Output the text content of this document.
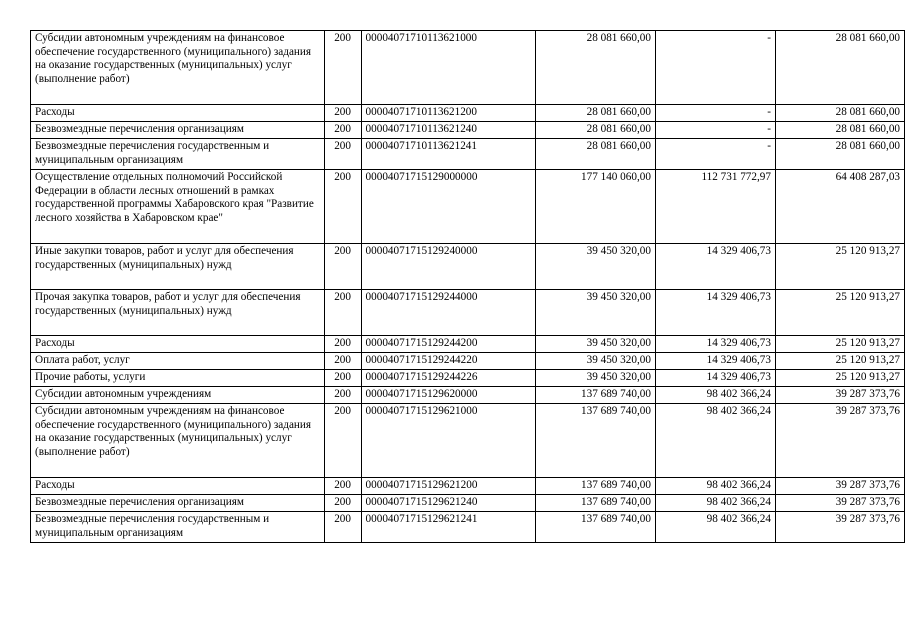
Субсидии автономным учреждениям на финансовое обеспечение государственного (муниципального) задания на оказание государственных (муниципальных) услуг (выполнение работ)	200	00004071710113621000	28 081 660,00	-	28 081 660,00
Расходы	200	00004071710113621200	28 081 660,00	-	28 081 660,00
Безвозмездные перечисления организациям	200	00004071710113621240	28 081 660,00	-	28 081 660,00
Безвозмездные перечисления государственным и муниципальным организациям	200	00004071710113621241	28 081 660,00	-	28 081 660,00
Осуществление отдельных полномочий Российской Федерации в области лесных отношений в рамках государственной программы Хабаровского края "Развитие лесного хозяйства в Хабаровском крае"	200	00004071715129000000	177 140 060,00	112 731 772,97	64 408 287,03
Иные закупки товаров, работ и услуг для обеспечения государственных (муниципальных) нужд	200	00004071715129240000	39 450 320,00	14 329 406,73	25 120 913,27
Прочая закупка товаров, работ и услуг для обеспечения государственных (муниципальных) нужд	200	00004071715129244000	39 450 320,00	14 329 406,73	25 120 913,27
Расходы	200	00004071715129244200	39 450 320,00	14 329 406,73	25 120 913,27
Оплата работ, услуг	200	00004071715129244220	39 450 320,00	14 329 406,73	25 120 913,27
Прочие работы, услуги	200	00004071715129244226	39 450 320,00	14 329 406,73	25 120 913,27
Субсидии автономным учреждениям	200	00004071715129620000	137 689 740,00	98 402 366,24	39 287 373,76
Субсидии автономным учреждениям на финансовое обеспечение государственного (муниципального) задания на оказание государственных (муниципальных) услуг (выполнение работ)	200	00004071715129621000	137 689 740,00	98 402 366,24	39 287 373,76
Расходы	200	00004071715129621200	137 689 740,00	98 402 366,24	39 287 373,76
Безвозмездные перечисления организациям	200	00004071715129621240	137 689 740,00	98 402 366,24	39 287 373,76
Безвозмездные перечисления государственным и муниципальным организациям	200	00004071715129621241	137 689 740,00	98 402 366,24	39 287 373,76
